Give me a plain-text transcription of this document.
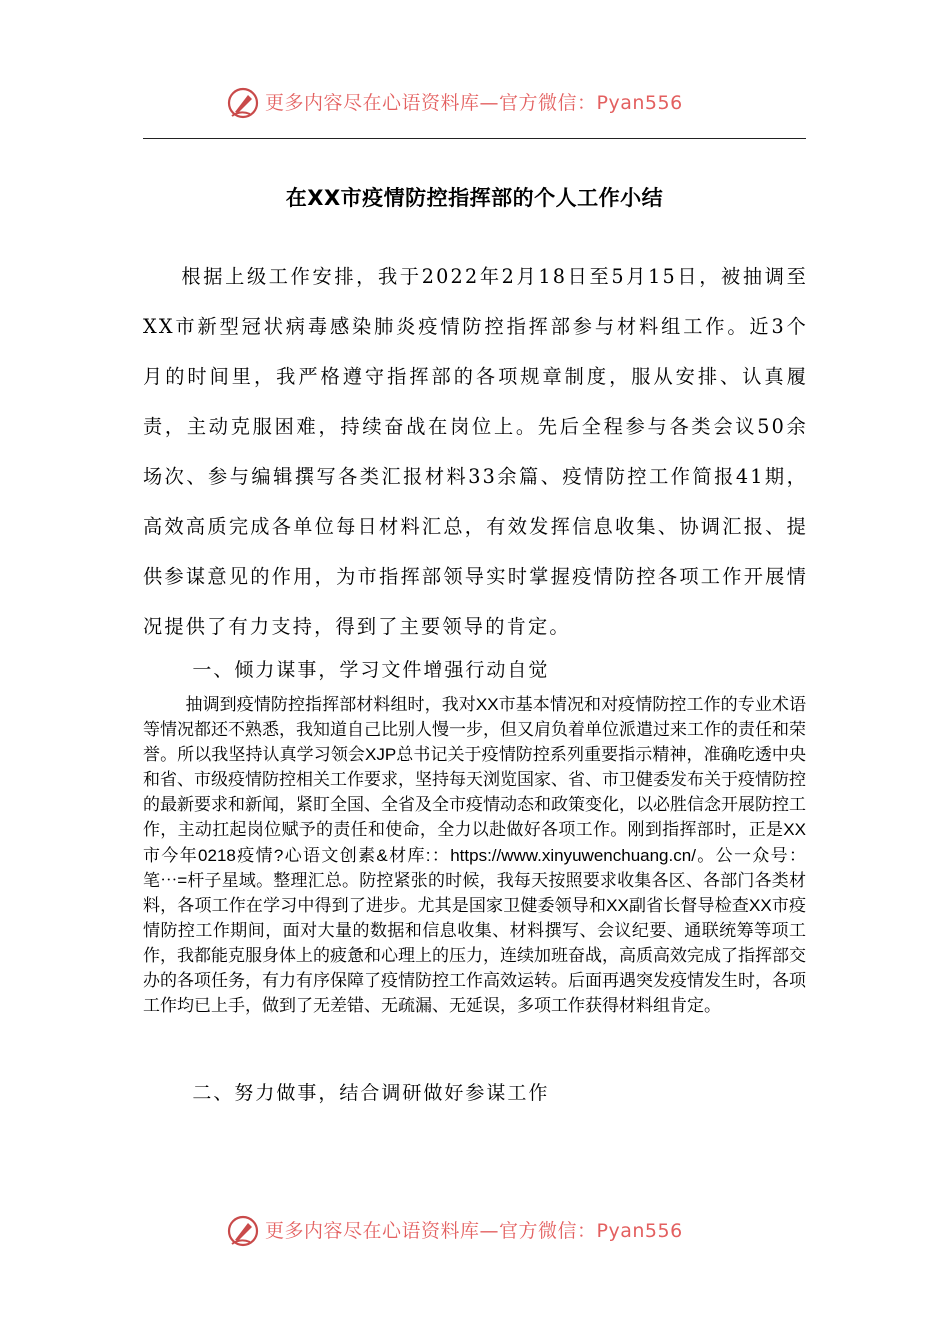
更多内容尽在心语资料库—官方微信：Pyan556
在XX市疫情防控指挥部的个人工作小结

根据上级工作安排，我于2022年2月18日至5月15日，被抽调至XX市新型冠状病毒感染肺炎疫情防控指挥部参与材料组工作。近3个月的时间里，我严格遵守指挥部的各项规章制度，服从安排、认真履责，主动克服困难，持续奋战在岗位上。先后全程参与各类会议50余场次、参与编辑撰写各类汇报材料33余篇、疫情防控工作简报41期，高效高质完成各单位每日材料汇总，有效发挥信息收集、协调汇报、提供参谋意见的作用，为市指挥部领导实时掌握疫情防控各项工作开展情况提供了有力支持，得到了主要领导的肯定。

一、倾力谋事，学习文件增强行动自觉

抽调到疫情防控指挥部材料组时，我对XX市基本情况和对疫情防控工作的专业术语等情况都还不熟悉，我知道自己比别人慢一步，但又肩负着单位派遣过来工作的责任和荣誉。所以我坚持认真学习领会XJP总书记关于疫情防控系列重要指示精神，准确吃透中央和省、市级疫情防控相关工作要求，坚持每天浏览国家、省、市卫健委发布关于疫情防控的最新要求和新闻，紧盯全国、全省及全市疫情动态和政策变化，以必胜信念开展防控工作，主动扛起岗位赋予的责任和使命，全力以赴做好各项工作。刚到指挥部时，正是XX市今年0218疫情?心语文创素&材库:：https://www.xinyuwenchuang.cn/。公一众号：笔⋯=杆子星域。整理汇总。防控紧张的时候，我每天按照要求收集各区、各部门各类材料，各项工作在学习中得到了进步。尤其是国家卫健委领导和XX副省长督导检查XX市疫情防控工作期间，面对大量的数据和信息收集、材料撰写、会议纪要、通联统筹等项工作，我都能克服身体上的疲惫和心理上的压力，连续加班奋战，高质高效完成了指挥部交办的各项任务，有力有序保障了疫情防控工作高效运转。后面再遇突发疫情发生时，各项工作均已上手，做到了无差错、无疏漏、无延误，多项工作获得材料组肯定。

二、努力做事，结合调研做好参谋工作

更多内容尽在心语资料库—官方微信：Pyan556
